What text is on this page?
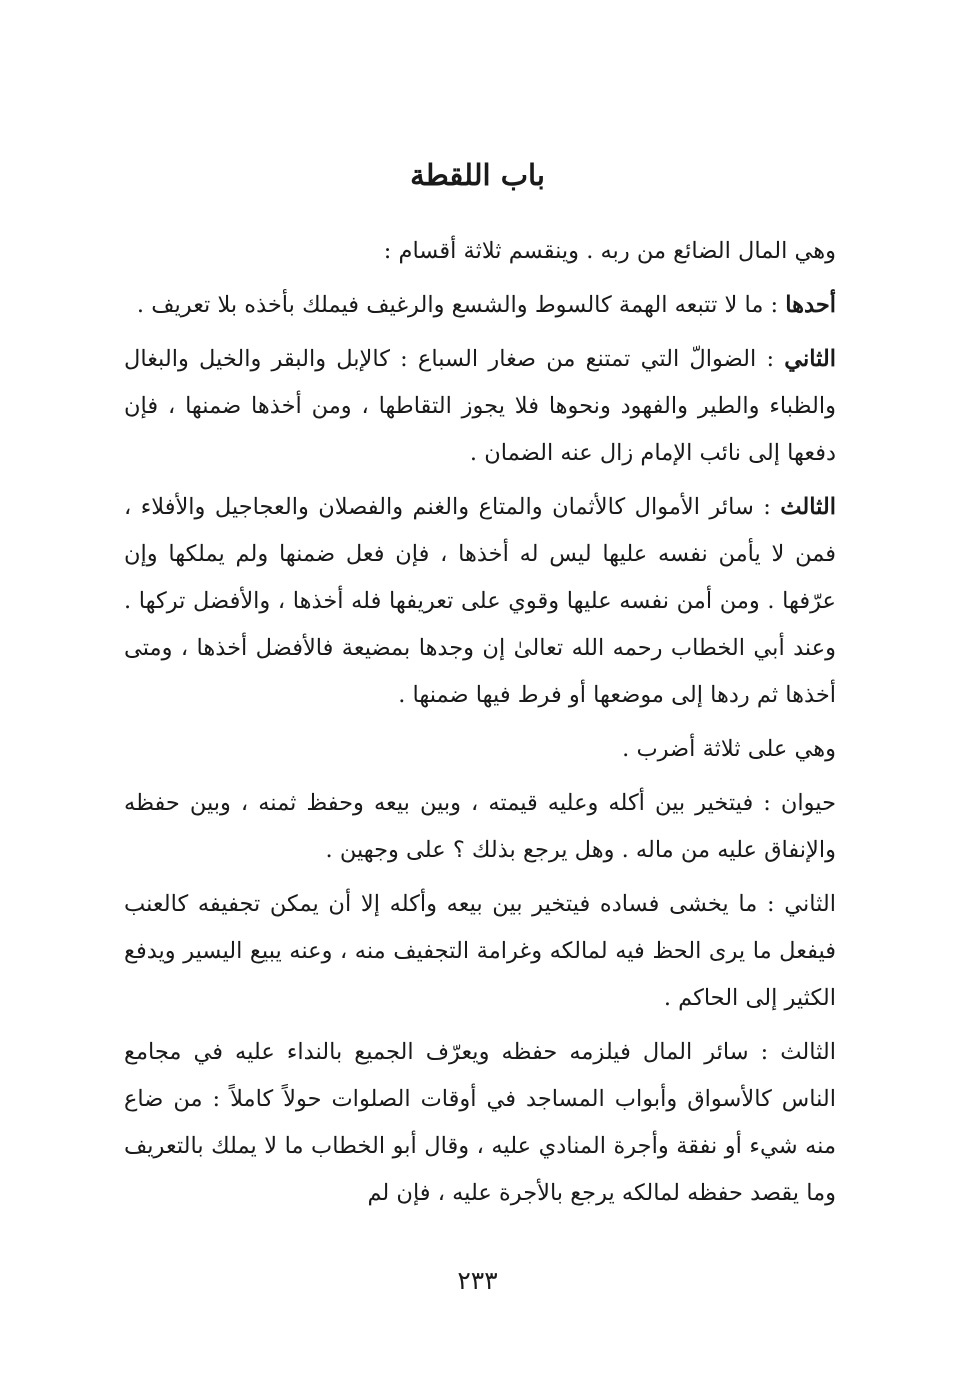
باب اللقطة

وهي المال الضائع من ربه . وينقسم ثلاثة أقسام :

أحدها : ما لا تتبعه الهمة كالسوط والشسع والرغيف فيملك بأخذه بلا تعريف .

الثاني : الضوالّ التي تمتنع من صغار السباع : كالإبل والبقر والخيل والبغال والظباء والطير والفهود ونحوها فلا يجوز التقاطها ، ومن أخذها ضمنها ، فإن دفعها إلى نائب الإمام زال عنه الضمان .

الثالث : سائر الأموال كالأثمان والمتاع والغنم والفصلان والعجاجيل والأفلاء ، فمن لا يأمن نفسه عليها ليس له أخذها ، فإن فعل ضمنها ولم يملكها وإن عرّفها . ومن أمن نفسه عليها وقوي على تعريفها فله أخذها ، والأفضل تركها . وعند أبي الخطاب رحمه الله تعالىٰ إن وجدها بمضيعة فالأفضل أخذها ، ومتى أخذها ثم ردها إلى موضعها أو فرط فيها ضمنها .

وهي على ثلاثة أضرب .

حيوان : فيتخير بين أكله وعليه قيمته ، وبين بيعه وحفظ ثمنه ، وبين حفظه والإنفاق عليه من ماله . وهل يرجع بذلك ؟ على وجهين .

الثاني : ما يخشى فساده فيتخير بين بيعه وأكله إلا أن يمكن تجفيفه كالعنب فيفعل ما يرى الحظ فيه لمالكه وغرامة التجفيف منه ، وعنه يبيع اليسير ويدفع الكثير إلى الحاكم .

الثالث : سائر المال فيلزمه حفظه ويعرّف الجميع بالنداء عليه في مجامع الناس كالأسواق وأبواب المساجد في أوقات الصلوات حولاً كاملاً : من ضاع منه شيء أو نفقة وأجرة المنادي عليه ، وقال أبو الخطاب ما لا يملك بالتعريف وما يقصد حفظه لمالكه يرجع بالأجرة عليه ، فإن لم

٢٣٣
